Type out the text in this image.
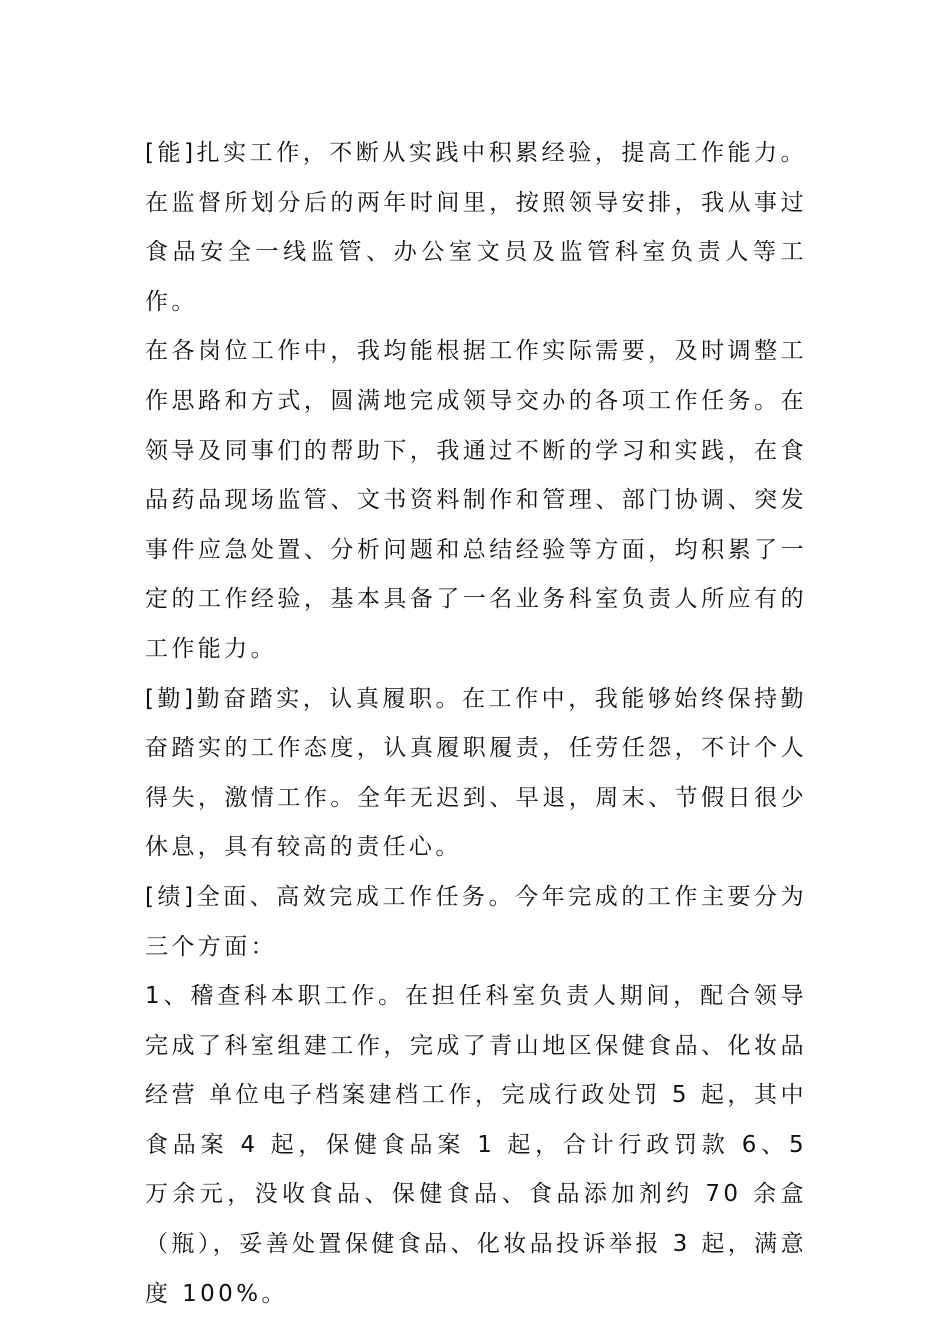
[能]扎实工作，不断从实践中积累经验，提高工作能力。在监督所划分后的两年时间里，按照领导安排，我从事过食品安全一线监管、办公室文员及监管科室负责人等工作。

在各岗位工作中，我均能根据工作实际需要，及时调整工作思路和方式，圆满地完成领导交办的各项工作任务。在领导及同事们的帮助下，我通过不断的学习和实践，在食品药品现场监管、文书资料制作和管理、部门协调、突发事件应急处置、分析问题和总结经验等方面，均积累了一定的工作经验，基本具备了一名业务科室负责人所应有的工作能力。

[勤]勤奋踏实，认真履职。在工作中，我能够始终保持勤奋踏实的工作态度，认真履职履责，任劳任怨，不计个人得失，激情工作。全年无迟到、早退，周末、节假日很少休息，具有较高的责任心。

[绩]全面、高效完成工作任务。今年完成的工作主要分为三个方面：

1、稽查科本职工作。在担任科室负责人期间，配合领导完成了科室组建工作，完成了青山地区保健食品、化妆品经营 单位电子档案建档工作，完成行政处罚 5 起，其中食品案 4 起，保健食品案 1 起，合计行政罚款 6、5 万余元，没收食品、保健食品、食品添加剂约 70 余盒（瓶），妥善处置保健食品、化妆品投诉举报 3 起，满意度 100%。
